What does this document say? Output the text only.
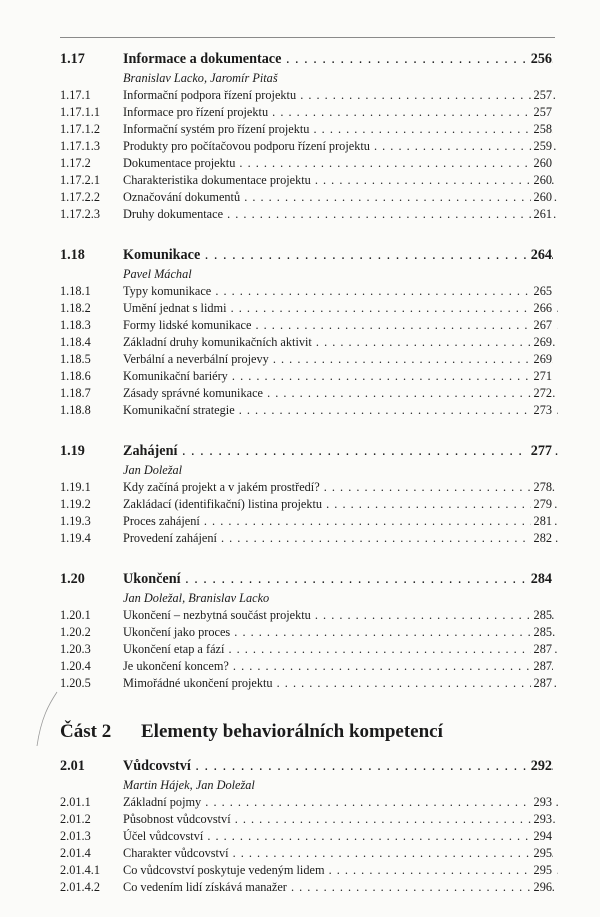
1.17	Informace a dokumentace . . .	256
Branislav Lacko, Jaromír Pitaš
1.17.1	Informační podpora řízení projektu . . .	257
1.17.1.1 Informace pro řízení projektu . . .	257
1.17.1.2 Informační systém pro řízení projektu . . .	258
1.17.1.3 Produkty pro počítačovou podporu řízení projektu . . .	259
1.17.2	Dokumentace projektu . . .	260
1.17.2.1 Charakteristika dokumentace projektu . . .	260
1.17.2.2 Označování dokumentů . . .	260
1.17.2.3 Druhy dokumentace . . .	261
1.18	Komunikace . . .	264
Pavel Máchal
1.18.1	Typy komunikace . . .	265
1.18.2	Umění jednat s lidmi . . .	266
1.18.3	Formy lidské komunikace . . .	267
1.18.4	Základní druhy komunikačních aktivit . . .	269
1.18.5	Verbální a neverbální projevy . . .	269
1.18.6	Komunikační bariéry . . .	271
1.18.7	Zásady správné komunikace . . .	272
1.18.8	Komunikační strategie . . .	273
1.19	Zahájení . . .	277
Jan Doležal
1.19.1	Kdy začíná projekt a v jakém prostředí? . . .	278
1.19.2	Zakládací (identifikační) listina projektu . . .	279
1.19.3	Proces zahájení . . .	281
1.19.4	Provedení zahájení . . .	282
1.20	Ukončení . . .	284
Jan Doležal, Branislav Lacko
1.20.1	Ukončení – nezbytná součást projektu . . .	285
1.20.2	Ukončení jako proces . . .	285
1.20.3	Ukončení etap a fází . . .	287
1.20.4	Je ukončení koncem? . . .	287
1.20.5	Mimořádné ukončení projektu . . .	287
Část 2 Elementy behaviorálních kompetencí
2.01	Vůdcovství . . .	292
Martin Hájek, Jan Doležal
2.01.1	Základní pojmy . . .	293
2.01.2	Působnost vůdcovství . . .	293
2.01.3	Účel vůdcovství . . .	294
2.01.4	Charakter vůdcovství . . .	295
2.01.4.1 Co vůdcovství poskytuje vedeným lidem . . .	295
2.01.4.2 Co vedením lidí získává manažer . . .	296
